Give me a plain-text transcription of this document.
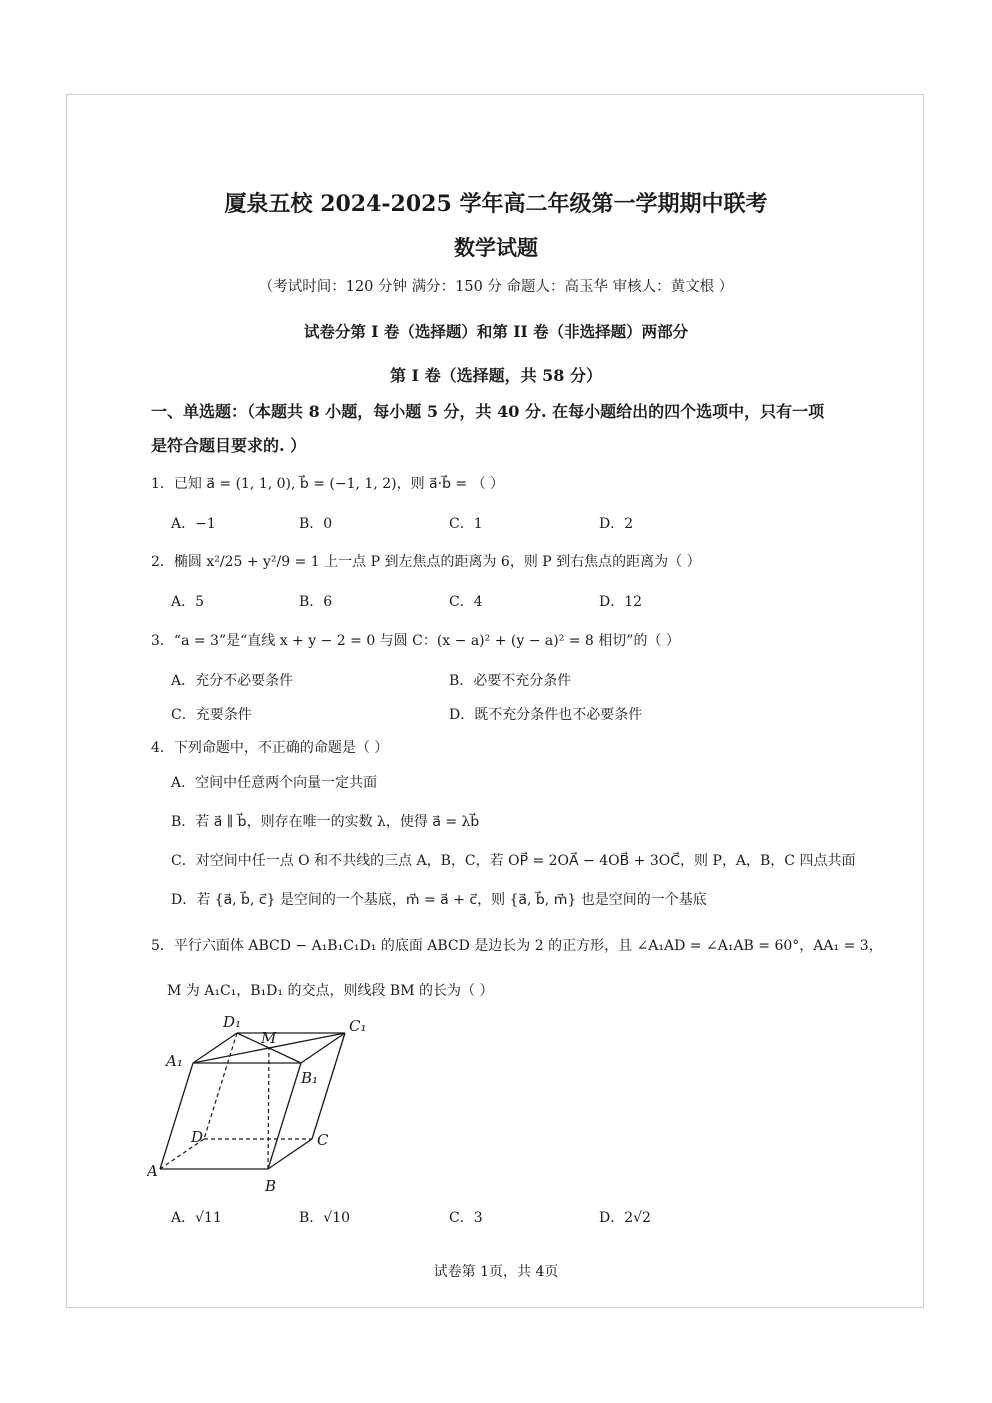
厦泉五校 2024-2025 学年高二年级第一学期期中联考
数学试题
（考试时间：120 分钟 满分：150 分 命题人：高玉华 审核人：黄文根 ）
试卷分第 I 卷（选择题）和第 II 卷（非选择题）两部分
第 I 卷（选择题，共 58 分）
一、单选题：（本题共 8 小题，每小题 5 分，共 40 分. 在每小题给出的四个选项中，只有一项
是符合题目要求的. ）
1．已知 a⃗ = (1, 1, 0), b⃗ = (−1, 1, 2)，则 a⃗·b⃗ = （ ）
A．−1	B．0	C．1	D．2
2．椭圆 x²/25 + y²/9 = 1 上一点 P 到左焦点的距离为 6，则 P 到右焦点的距离为（ ）
A．5	B．6	C．4	D．12
3．“a = 3”是“直线 x + y − 2 = 0 与圆 C：(x − a)² + (y − a)² = 8 相切”的（ ）
A．充分不必要条件	B．必要不充分条件
C．充要条件	D．既不充分条件也不必要条件
4．下列命题中，不正确的命题是（ ）
A．空间中任意两个向量一定共面
B．若 a⃗ ∥ b⃗，则存在唯一的实数 λ，使得 a⃗ = λb⃗
C．对空间中任一点 O 和不共线的三点 A，B，C，若 OP⃗ = 2OA⃗ − 4OB⃗ + 3OC⃗，则 P，A，B，C 四点共面
D．若 {a⃗, b⃗, c⃗} 是空间的一个基底，m⃗ = a⃗ + c⃗，则 {a⃗, b⃗, m⃗} 也是空间的一个基底
5．平行六面体 ABCD − A₁B₁C₁D₁ 的底面 ABCD 是边长为 2 的正方形，且 ∠A₁AD = ∠A₁AB = 60°，AA₁ = 3，
M 为 A₁C₁，B₁D₁ 的交点，则线段 BM 的长为（ ）
D₁
M
C₁
A₁
B₁
D	C
A
B
A．√11	B．√10	C．3	D．2√2
试卷第 1页，共 4页
